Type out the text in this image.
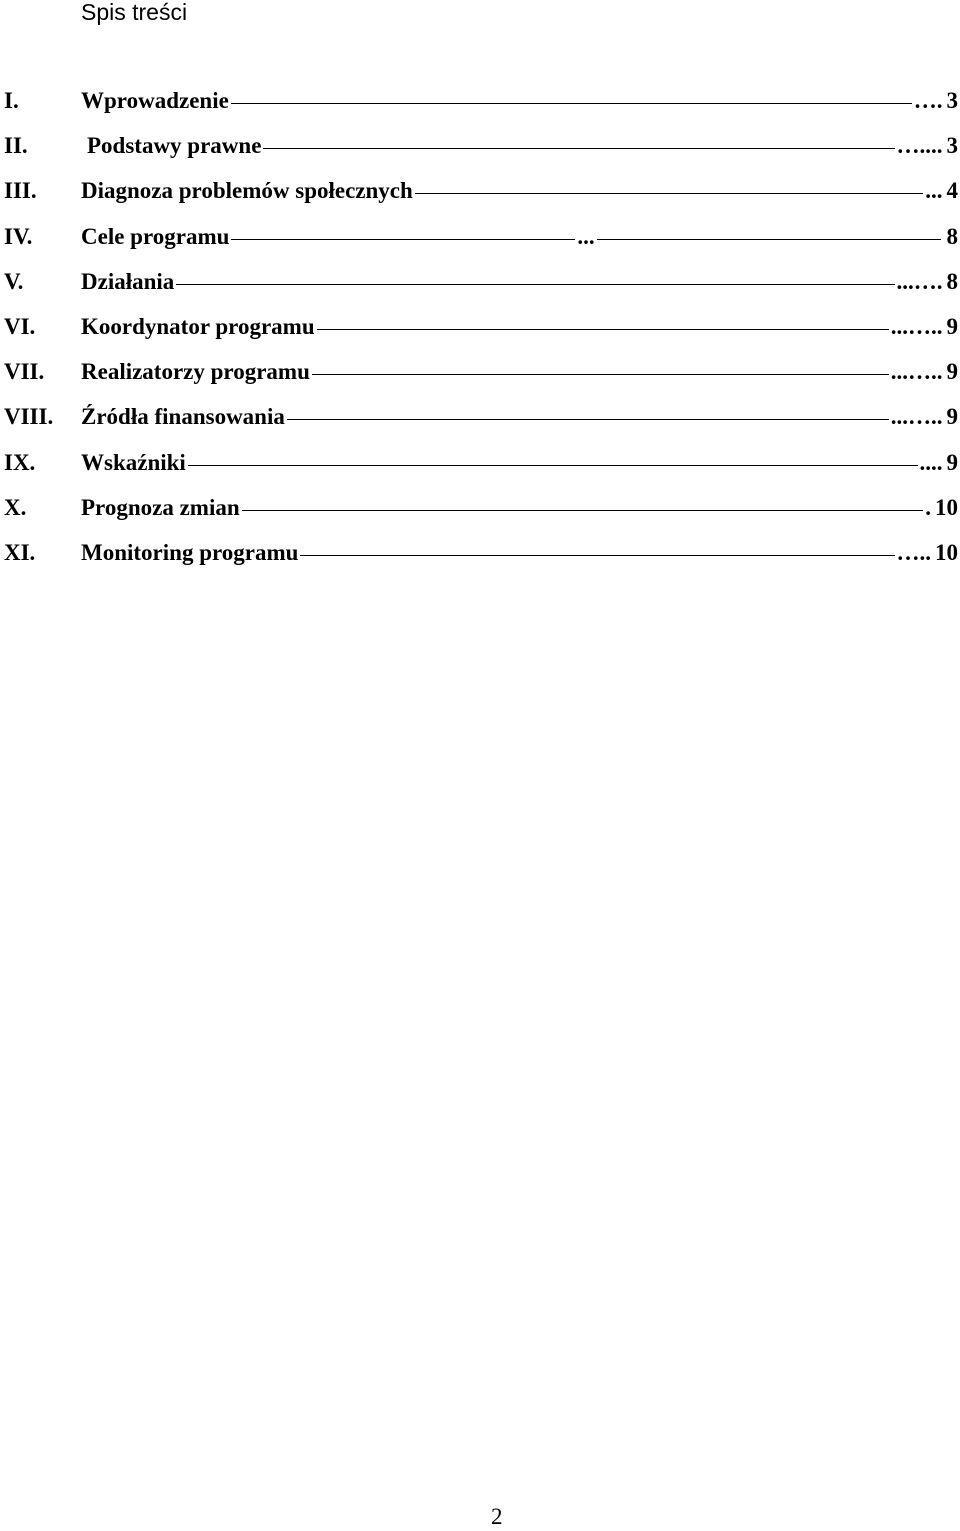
Spis treści
I.	Wprowadzenie	…. 3
II.	Podstawy prawne	….... 3
III. Diagnoza problemów społecznych	... 4
IV. Cele programu	...	8
V.	Działania	...…. 8
VI. Koordynator programu	...….. 9
VII. Realizatorzy programu	...….. 9
VIII. Źródła finansowania	...….. 9
IX. Wskaźniki	.... 9
X. Prognoza zmian	. 10
XI. Monitoring programu	….. 10
2
